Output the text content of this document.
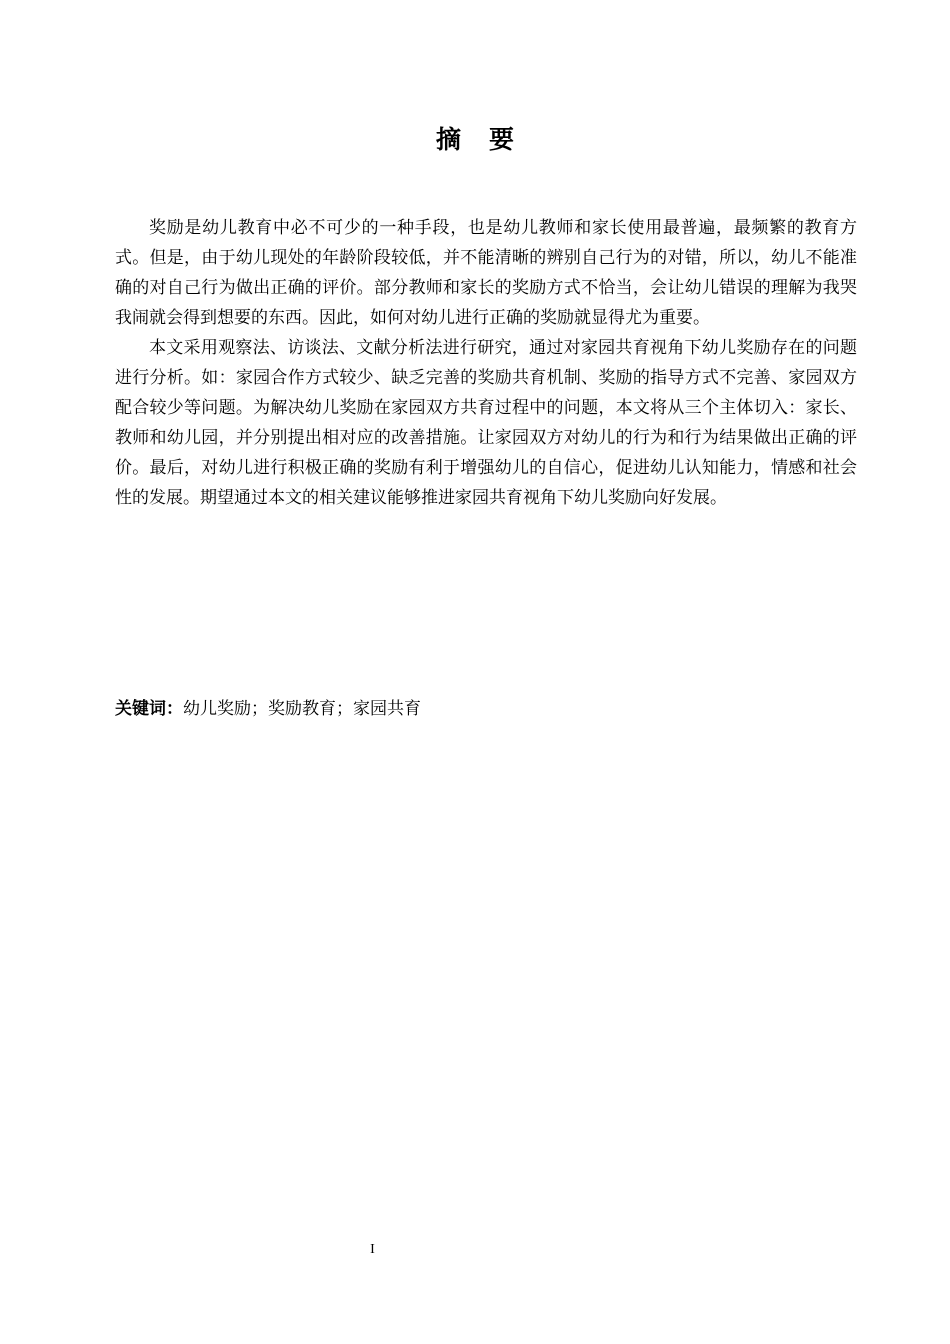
摘要

奖励是幼儿教育中必不可少的一种手段，也是幼儿教师和家长使用最普遍，最频繁的教育方式。但是，由于幼儿现处的年龄阶段较低，并不能清晰的辨别自己行为的对错，所以，幼儿不能准确的对自己行为做出正确的评价。部分教师和家长的奖励方式不恰当，会让幼儿错误的理解为我哭我闹就会得到想要的东西。因此，如何对幼儿进行正确的奖励就显得尤为重要。

本文采用观察法、访谈法、文献分析法进行研究，通过对家园共育视角下幼儿奖励存在的问题进行分析。如：家园合作方式较少、缺乏完善的奖励共育机制、奖励的指导方式不完善、家园双方配合较少等问题。为解决幼儿奖励在家园双方共育过程中的问题，本文将从三个主体切入：家长、教师和幼儿园，并分别提出相对应的改善措施。让家园双方对幼儿的行为和行为结果做出正确的评价。最后，对幼儿进行积极正确的奖励有利于增强幼儿的自信心，促进幼儿认知能力，情感和社会性的发展。期望通过本文的相关建议能够推进家园共育视角下幼儿奖励向好发展。

关键词：幼儿奖励；奖励教育；家园共育
I
